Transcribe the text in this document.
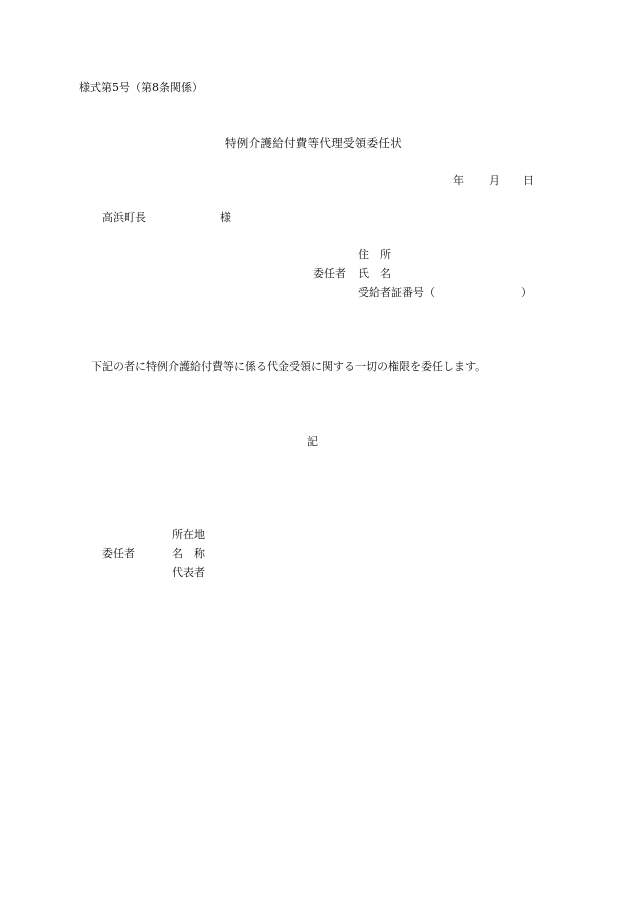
様式第5号（第8条関係）
特例介護給付費等代理受領委任状
年 月 日
高浜町長	様
住　所
委任者 氏　名
受給者証番号（	）
下記の者に特例介護給付費等に係る代金受領に関する一切の権限を委任します。
記
所在地
委任者	名　称
代表者
